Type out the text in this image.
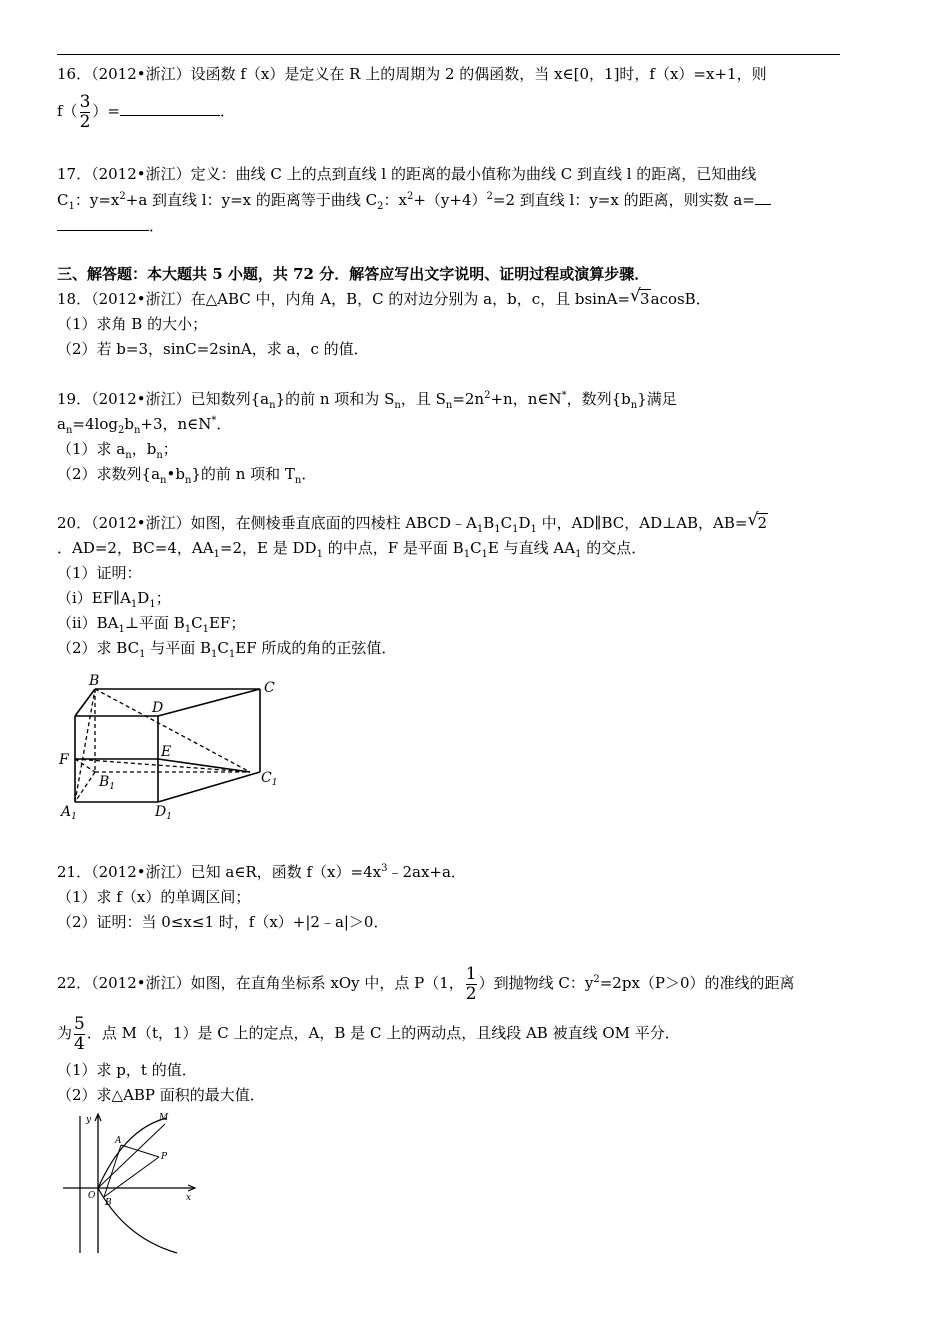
16．（2012•浙江）设函数 f（x）是定义在 R 上的周期为 2 的偶函数，当 x∈[0，1]时，f（x）=x+1，则
$f( \frac{3}{2}$ ）=	．
17．（2012•浙江）定义：曲线 C 上的点到直线 l 的距离的最小值称为曲线 C 到直线 l 的距离，已知曲线
$C_1$：$y=x^2+a$ 到直线 l：y=x 的距离等于曲线 $C_2$：$x^2+(y+4)^2=2$ 到直线 l：y=x 的距离，则实数 a=
．
三、解答题：本大题共 5 小题，共 72 分．解答应写出文字说明、证明过程或演算步骤．
18．（2012•浙江）在△ABC 中，内角 A，B，C 的对边分别为 a，b，c，且 bsinA= √ 3acosB．
（1）求角 B 的大小；
（2）若 b=3，sinC=2sinA，求 a，c 的值．
19．（2012•浙江）已知数列$\{a_n\}$的前 n 项和为 $S_n$，且 $S_n=2n^2+n$，n∈N*，数列$\{b_n\}$满足
$a_n=4\log_2b_n+3$，n∈N*．
（1）求 $a_n$，$b_n$；
（2）求数列$\{a_n•b_n\}$的前 n 项和 $T_n$．
20．（2012•浙江）如图，在侧棱垂直底面的四棱柱 $ABCD﹣A_1B_1C_1D_1$ 中，AD∥BC，AD⊥AB，AB= √ 2
．AD=2，BC=4，$AA_1=2$，E 是 $DD_1$ 的中点，F 是平面 $B_1C_1E$ 与直线 $AA_1$ 的交点．
（1）证明：
$(i)EF\parallel A_1D_1$；
$(ii)BA_1\perp$平面 $B_1C_1EF$；
（2）求 $BC_1$ 与平面 $B_1C_1EF$ 所成的角的正弦值．
B	C
D
E
F
$B_1$
$C_1$
$A_1$	$D_1$
21．（2012•浙江）已知 a∈R，函数 $f(x)=4x^3﹣2ax+a$．
（1）求 f（x）的单调区间；
（2）证明：当 0≤x≤1 时，f（x）+|2﹣a|＞0．
22．（2012•浙江）如图，在直角坐标系 xOy 中，点 P（1， $\frac{1}{2}$ ）到抛物线 C：$y^2=2px(P>0)$的准线的距离
为 $\frac{5}{4}$ ．点 M（t，1）是 C 上的定点，A，B 是 C 上的两动点，且线段 AB 被直线 OM 平分．
（1）求 p，t 的值．
（2）求△ABP 面积的最大值．
y
x
O
M
A
P
B
